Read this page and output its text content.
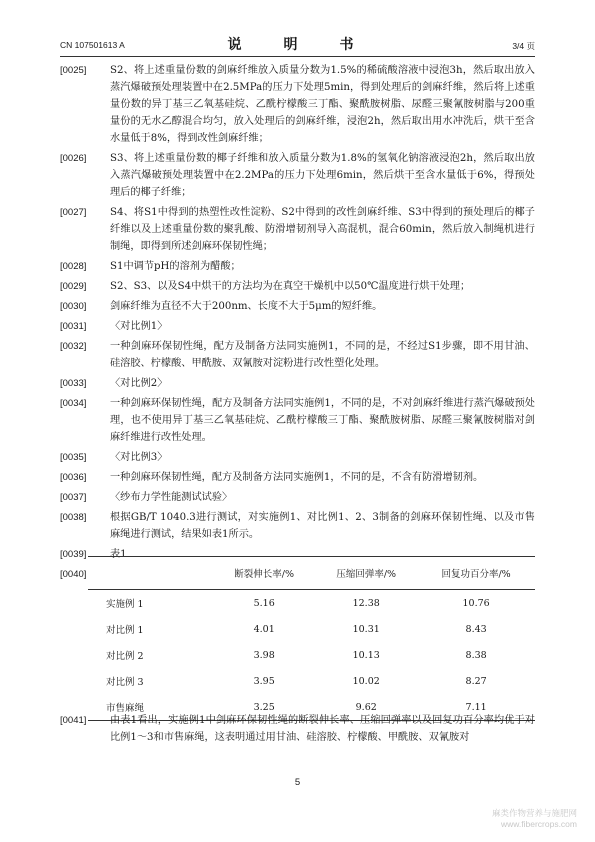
CN 107501613 A	说　明　书	3/4 页
[0025]	S2、将上述重量份数的剑麻纤维放入质量分数为1.5%的稀硫酸溶液中浸泡3h，然后取出放入蒸汽爆破预处理装置中在2.5MPa的压力下处理5min，得到处理后的剑麻纤维，然后将上述重量份数的异丁基三乙氧基硅烷、乙酰柠檬酸三丁酯、聚酰胺树脂、尿醛三聚氰胺树脂与200重量份的无水乙醇混合均匀，放入处理后的剑麻纤维，浸泡2h，然后取出用水冲洗后，烘干至含水量低于8%，得到改性剑麻纤维；
[0026]	S3、将上述重量份数的椰子纤维和放入质量分数为1.8%的氢氧化钠溶液浸泡2h，然后取出放入蒸汽爆破预处理装置中在2.2MPa的压力下处理6min，然后烘干至含水量低于6%，得预处理后的椰子纤维；
[0027]	S4、将S1中得到的热塑性改性淀粉、S2中得到的改性剑麻纤维、S3中得到的预处理后的椰子纤维以及上述重量份数的聚乳酸、防滑增韧剂导入高混机，混合60min，然后放入制绳机进行制绳，即得到所述剑麻环保韧性绳；
[0028]	S1中调节pH的溶剂为醋酸；
[0029]	S2、S3、以及S4中烘干的方法均为在真空干燥机中以50℃温度进行烘干处理；
[0030]	剑麻纤维为直径不大于200nm、长度不大于5μm的短纤维。
[0031]	〈对比例1〉
[0032]	一种剑麻环保韧性绳，配方及制备方法同实施例1，不同的是，不经过S1步骤，即不用甘油、硅溶胶、柠檬酸、甲酰胺、双氰胺对淀粉进行改性塑化处理。
[0033]	〈对比例2〉
[0034]	一种剑麻环保韧性绳，配方及制备方法同实施例1，不同的是，不对剑麻纤维进行蒸汽爆破预处理，也不使用异丁基三乙氧基硅烷、乙酰柠檬酸三丁酯、聚酰胺树脂、尿醛三聚氰胺树脂对剑麻纤维进行改性处理。
[0035]	〈对比例3〉
[0036]	一种剑麻环保韧性绳，配方及制备方法同实施例1，不同的是，不含有防滑增韧剂。
[0037]	〈纱布力学性能测试试验〉
[0038]	根据GB/T 1040.3进行测试，对实施例1、对比例1、2、3制备的剑麻环保韧性绳、以及市售麻绳进行测试，结果如表1所示。
[0039]	表1
[0040]
		断裂伸长率/%	压缩回弹率/%	回复功百分率/%
实施例 1	5.16	12.38	10.76
对比例 1	4.01	10.31	8.43
对比例 2	3.98	10.13	8.38
对比例 3	3.95	10.02	8.27
市售麻绳	3.25	9.62	7.11
[0041]	由表1看出，实施例1中剑麻环保韧性绳的断裂伸长率、压缩回弹率以及回复功百分率均优于对比例1～3和市售麻绳，这表明通过用甘油、硅溶胶、柠檬酸、甲酰胺、双氰胺对
5
麻类作物营养与施肥网
www.fibercrops.com
